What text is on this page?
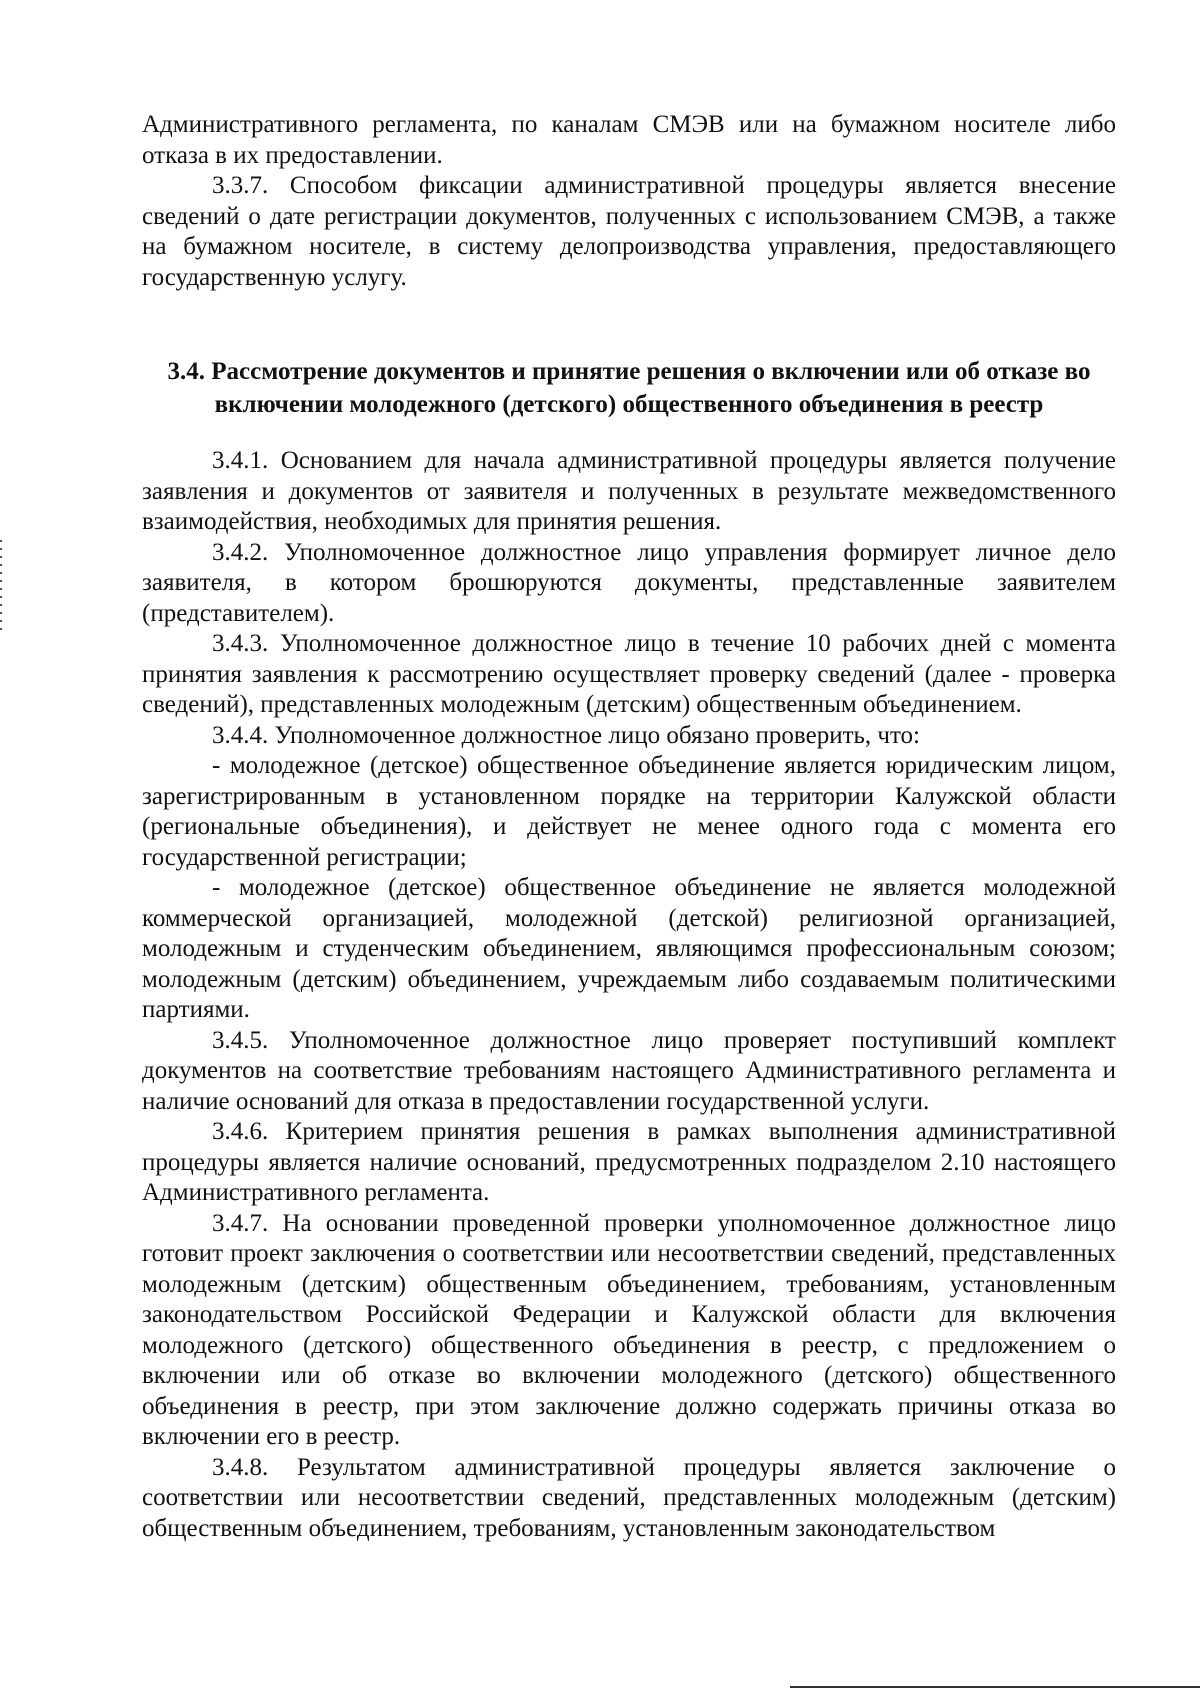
Административного регламента, по каналам СМЭВ или на бумажном носителе либо отказа в их предоставлении.

3.3.7. Способом фиксации административной процедуры является внесение сведений о дате регистрации документов, полученных с использованием СМЭВ, а также на бумажном носителе, в систему делопроизводства управления, предоставляющего государственную услугу.

3.4. Рассмотрение документов и принятие решения о включении или об отказе во включении молодежного (детского) общественного объединения в реестр

3.4.1. Основанием для начала административной процедуры является получение заявления и документов от заявителя и полученных в результате межведомственного взаимодействия, необходимых для принятия решения.

3.4.2. Уполномоченное должностное лицо управления формирует личное дело заявителя, в котором брошюруются документы, представленные заявителем (представителем).

3.4.3. Уполномоченное должностное лицо в течение 10 рабочих дней с момента принятия заявления к рассмотрению осуществляет проверку сведений (далее - проверка сведений), представленных молодежным (детским) общественным объединением.

3.4.4. Уполномоченное должностное лицо обязано проверить, что:

- молодежное (детское) общественное объединение является юридическим лицом, зарегистрированным в установленном порядке на территории Калужской области (региональные объединения), и действует не менее одного года с момента его государственной регистрации;

- молодежное (детское) общественное объединение не является молодежной коммерческой организацией, молодежной (детской) религиозной организацией, молодежным и студенческим объединением, являющимся профессиональным союзом; молодежным (детским) объединением, учреждаемым либо создаваемым политическими партиями.

3.4.5. Уполномоченное должностное лицо проверяет поступивший комплект документов на соответствие требованиям настоящего Административного регламента и наличие оснований для отказа в предоставлении государственной услуги.

3.4.6. Критерием принятия решения в рамках выполнения административной процедуры является наличие оснований, предусмотренных подразделом 2.10 настоящего Административного регламента.

3.4.7. На основании проведенной проверки уполномоченное должностное лицо готовит проект заключения о соответствии или несоответствии сведений, представленных молодежным (детским) общественным объединением, требованиям, установленным законодательством Российской Федерации и Калужской области для включения молодежного (детского) общественного объединения в реестр, с предложением о включении или об отказе во включении молодежного (детского) общественного объединения в реестр, при этом заключение должно содержать причины отказа во включении его в реестр.

3.4.8. Результатом административной процедуры является заключение о соответствии или несоответствии сведений, представленных молодежным (детским) общественным объединением, требованиям, установленным законодательством
